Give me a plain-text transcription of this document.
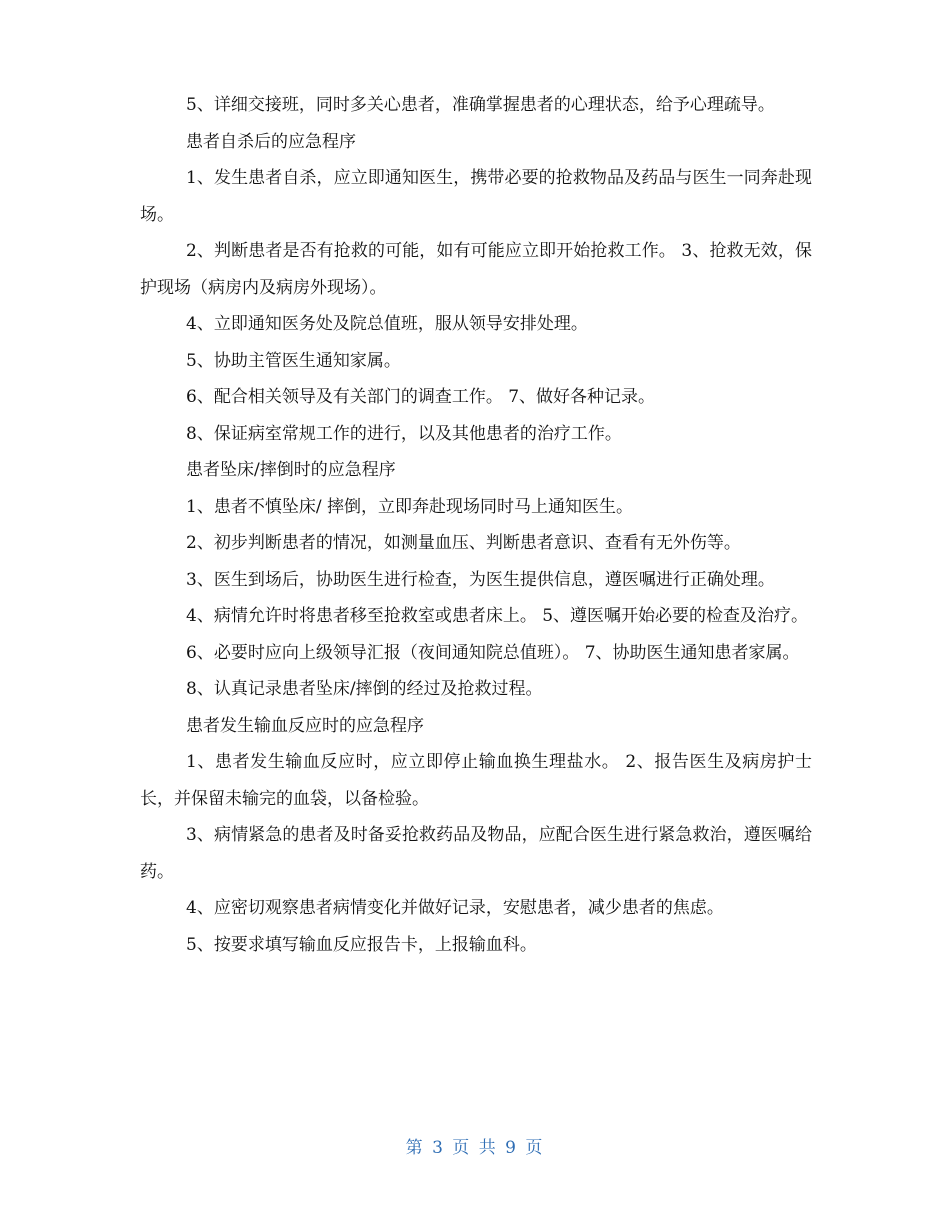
5、详细交接班，同时多关心患者，准确掌握患者的心理状态，给予心理疏导。

患者自杀后的应急程序

1、发生患者自杀，应立即通知医生，携带必要的抢救物品及药品与医生一同奔赴现场。

2、判断患者是否有抢救的可能，如有可能应立即开始抢救工作。 3、抢救无效，保护现场（病房内及病房外现场）。

4、立即通知医务处及院总值班，服从领导安排处理。

5、协助主管医生通知家属。

6、配合相关领导及有关部门的调查工作。 7、做好各种记录。

8、保证病室常规工作的进行，以及其他患者的治疗工作。

患者坠床/摔倒时的应急程序

1、患者不慎坠床/ 摔倒，立即奔赴现场同时马上通知医生。

2、初步判断患者的情况，如测量血压、判断患者意识、查看有无外伤等。

3、医生到场后，协助医生进行检查，为医生提供信息，遵医嘱进行正确处理。

4、病情允许时将患者移至抢救室或患者床上。 5、遵医嘱开始必要的检查及治疗。

6、必要时应向上级领导汇报（夜间通知院总值班）。 7、协助医生通知患者家属。

8、认真记录患者坠床/摔倒的经过及抢救过程。

患者发生输血反应时的应急程序

1、患者发生输血反应时，应立即停止输血换生理盐水。 2、报告医生及病房护士长，并保留未输完的血袋，以备检验。

3、病情紧急的患者及时备妥抢救药品及物品，应配合医生进行紧急救治，遵医嘱给药。

4、应密切观察患者病情变化并做好记录，安慰患者，减少患者的焦虑。

5、按要求填写输血反应报告卡，上报输血科。

第 3 页 共 9 页
